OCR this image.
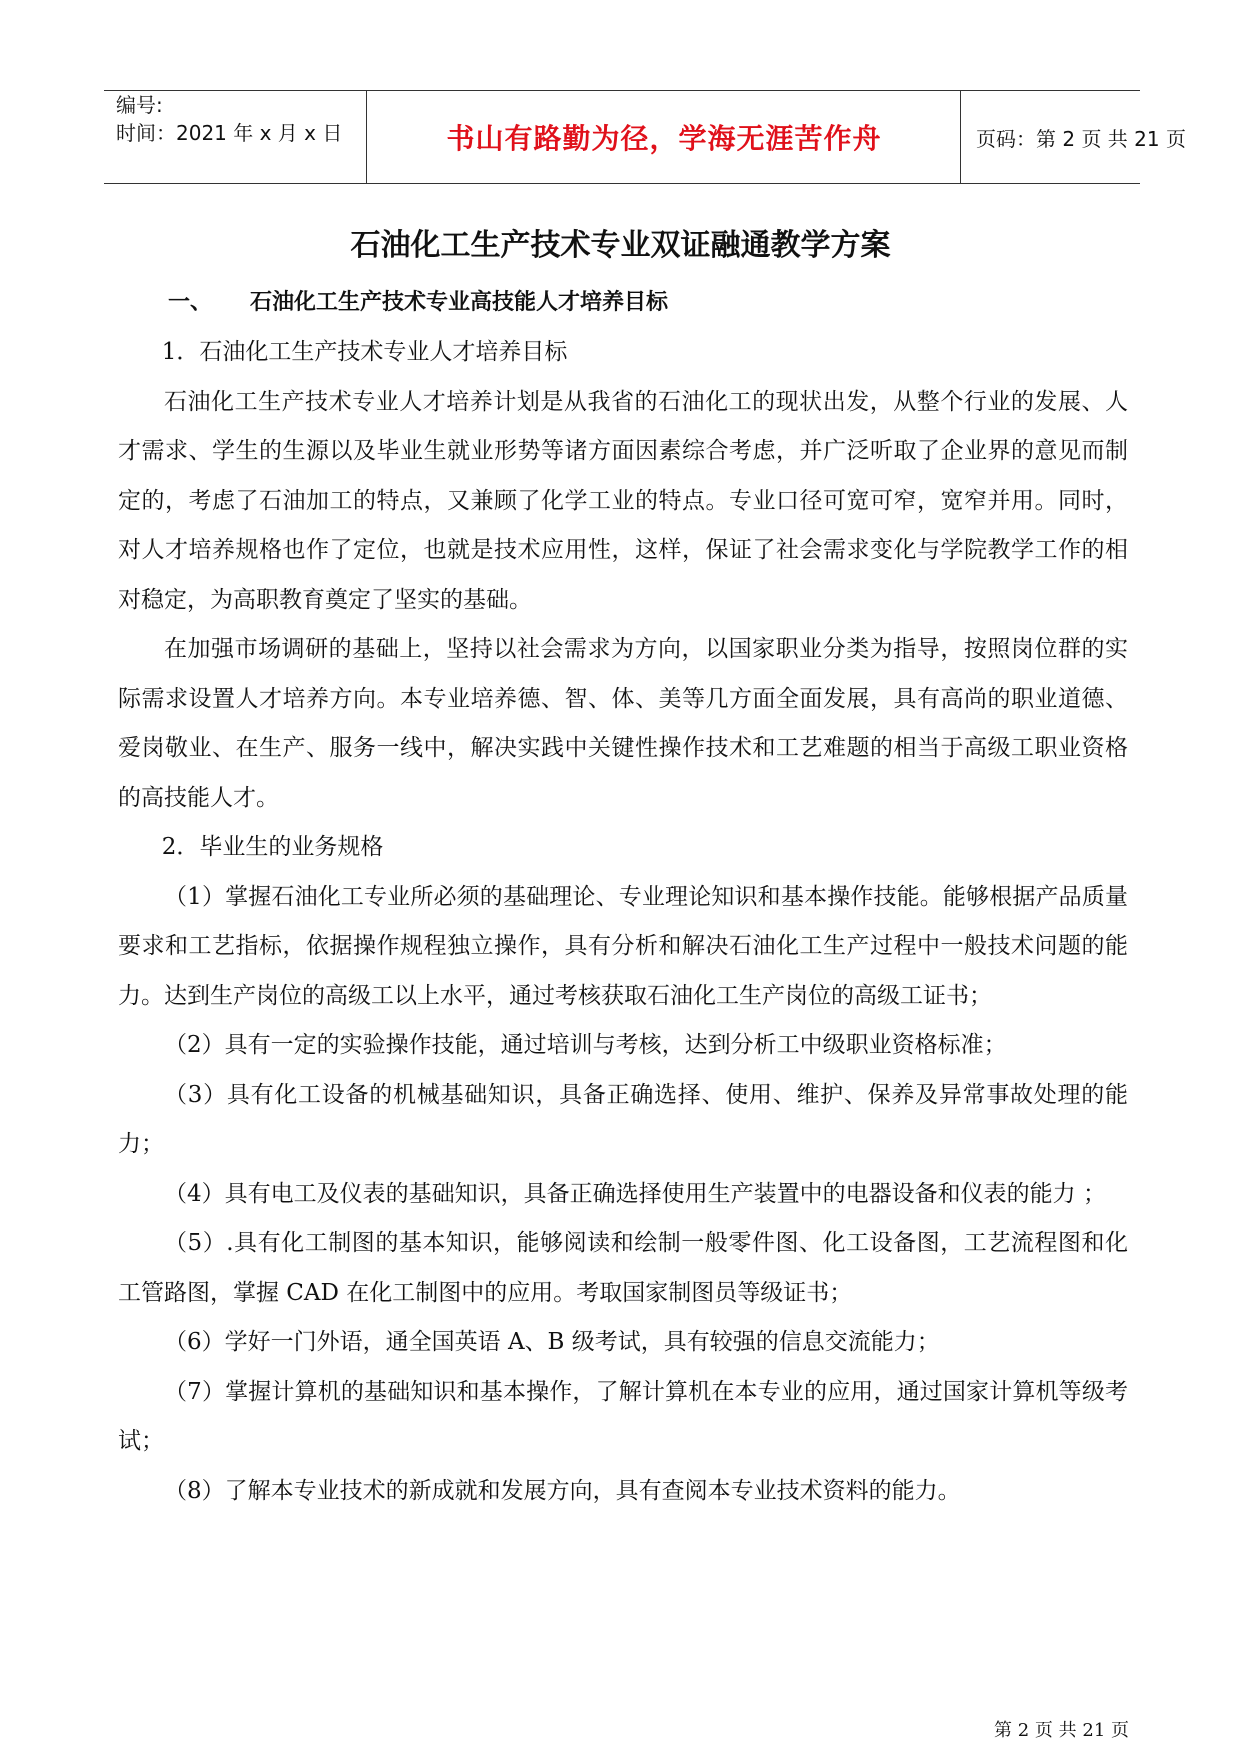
编号:
时间：2021 年 x 月 x 日	书山有路勤为径，学海无涯苦作舟	页码：第 2 页 共 21 页
石油化工生产技术专业双证融通教学方案
一、 石油化工生产技术专业高技能人才培养目标

1．石油化工生产技术专业人才培养目标

石油化工生产技术专业人才培养计划是从我省的石油化工的现状出发，从整个行业的发展、人才需求、学生的生源以及毕业生就业形势等诸方面因素综合考虑，并广泛听取了企业界的意见而制定的，考虑了石油加工的特点，又兼顾了化学工业的特点。专业口径可宽可窄，宽窄并用。同时，对人才培养规格也作了定位，也就是技术应用性，这样，保证了社会需求变化与学院教学工作的相对稳定，为高职教育奠定了坚实的基础。

在加强市场调研的基础上，坚持以社会需求为方向，以国家职业分类为指导，按照岗位群的实际需求设置人才培养方向。本专业培养德、智、体、美等几方面全面发展，具有高尚的职业道德、爱岗敬业、在生产、服务一线中，解决实践中关键性操作技术和工艺难题的相当于高级工职业资格的高技能人才。

2．毕业生的业务规格

（1）掌握石油化工专业所必须的基础理论、专业理论知识和基本操作技能。能够根据产品质量要求和工艺指标，依据操作规程独立操作，具有分析和解决石油化工生产过程中一般技术问题的能力。达到生产岗位的高级工以上水平，通过考核获取石油化工生产岗位的高级工证书；

（2）具有一定的实验操作技能，通过培训与考核，达到分析工中级职业资格标准；

（3）具有化工设备的机械基础知识，具备正确选择、使用、维护、保养及异常事故处理的能力；

（4）具有电工及仪表的基础知识，具备正确选择使用生产装置中的电器设备和仪表的能力 ；

（5）.具有化工制图的基本知识，能够阅读和绘制一般零件图、化工设备图，工艺流程图和化工管路图，掌握 CAD 在化工制图中的应用。考取国家制图员等级证书；

（6）学好一门外语，通全国英语 A、B 级考试，具有较强的信息交流能力；

（7）掌握计算机的基础知识和基本操作，了解计算机在本专业的应用，通过国家计算机等级考试；

（8）了解本专业技术的新成就和发展方向，具有查阅本专业技术资料的能力。

第 2 页 共 21 页
